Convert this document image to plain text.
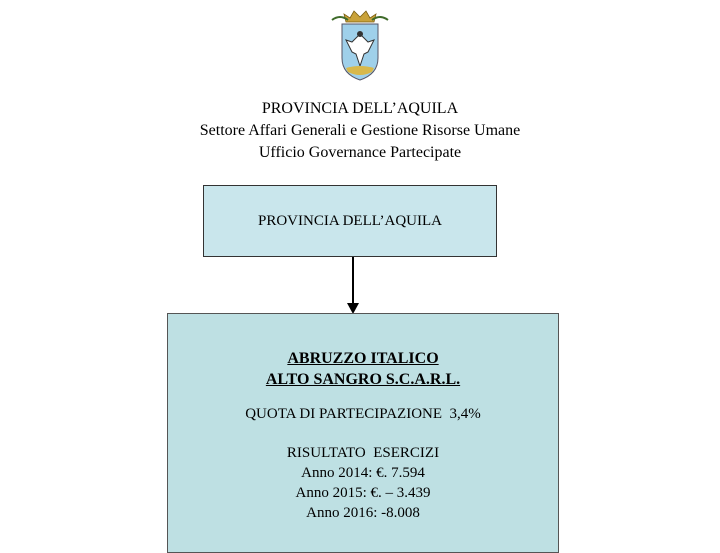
PROVINCIA DELL’AQUILA
Settore Affari Generali e Gestione Risorse Umane
Ufficio Governance Partecipate
PROVINCIA DELL’AQUILA
ABRUZZO ITALICO
ALTO SANGRO S.C.A.R.L.
QUOTA DI PARTECIPAZIONE  3,4%
RISULTATO  ESERCIZI
Anno 2014: €. 7.594
Anno 2015: €. – 3.439
Anno 2016: -8.008
